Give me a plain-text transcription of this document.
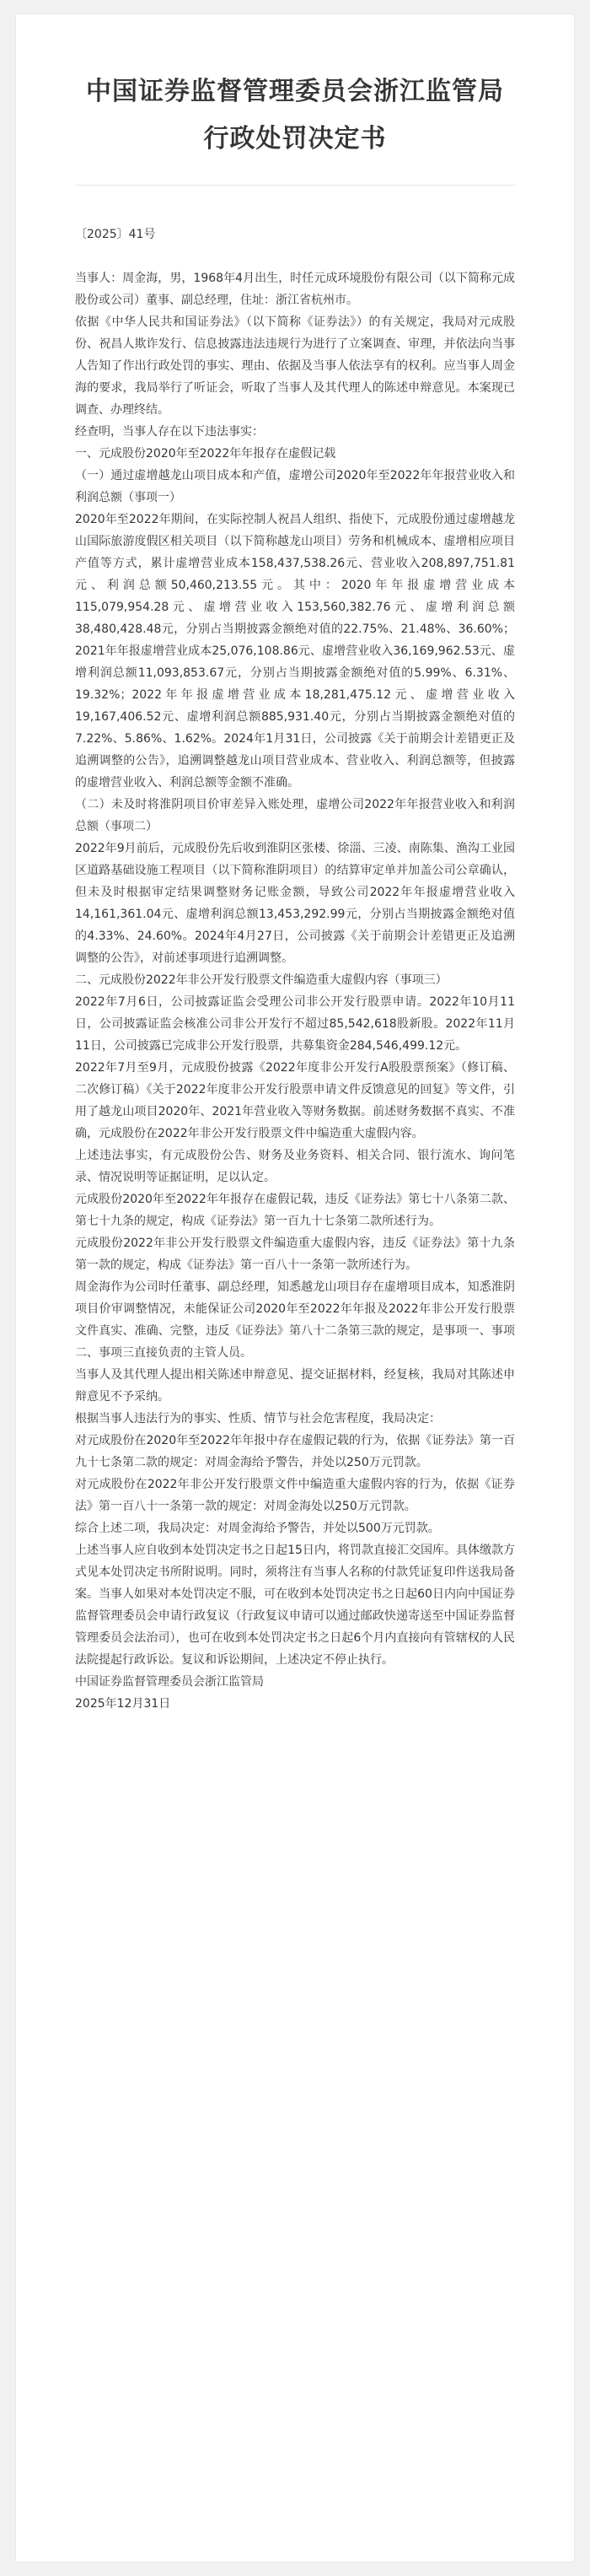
中国证券监督管理委员会浙江监管局行政处罚决定书

〔2025〕41号

当事人：周金海，男，1968年4月出生，时任元成环境股份有限公司（以下简称元成股份或公司）董事、副总经理，住址：浙江省杭州市。

依据《中华人民共和国证券法》（以下简称《证券法》）的有关规定，我局对元成股份、祝昌人欺诈发行、信息披露违法违规行为进行了立案调查、审理，并依法向当事人告知了作出行政处罚的事实、理由、依据及当事人依法享有的权利。应当事人周金海的要求，我局举行了听证会，听取了当事人及其代理人的陈述申辩意见。本案现已调查、办理终结。

经查明，当事人存在以下违法事实：

一、元成股份2020年至2022年年报存在虚假记载

（一）通过虚增越龙山项目成本和产值，虚增公司2020年至2022年年报营业收入和利润总额（事项一）

2020年至2022年期间，在实际控制人祝昌人组织、指使下，元成股份通过虚增越龙山国际旅游度假区相关项目（以下简称越龙山项目）劳务和机械成本、虚增相应项目产值等方式，累计虚增营业成本158,437,538.26元、营业收入208,897,751.81元、利润总额50,460,213.55元。其中：2020年年报虚增营业成本115,079,954.28元、虚增营业收入153,560,382.76元、虚增利润总额38,480,428.48元，分别占当期披露金额绝对值的22.75%、21.48%、36.60%；2021年年报虚增营业成本25,076,108.86元、虚增营业收入36,169,962.53元、虚增利润总额11,093,853.67元，分别占当期披露金额绝对值的5.99%、6.31%、19.32%；2022年年报虚增营业成本18,281,475.12元、虚增营业收入19,167,406.52元、虚增利润总额885,931.40元，分别占当期披露金额绝对值的7.22%、5.86%、1.62%。2024年1月31日，公司披露《关于前期会计差错更正及追溯调整的公告》，追溯调整越龙山项目营业成本、营业收入、利润总额等，但披露的虚增营业收入、利润总额等金额不准确。

（二）未及时将淮阴项目价审差异入账处理，虚增公司2022年年报营业收入和利润总额（事项二）

2022年9月前后，元成股份先后收到淮阴区张楼、徐淄、三凌、南陈集、渔沟工业园区道路基础设施工程项目（以下简称淮阴项目）的结算审定单并加盖公司公章确认，但未及时根据审定结果调整财务记账金额，导致公司2022年年报虚增营业收入14,161,361.04元、虚增利润总额13,453,292.99元，分别占当期披露金额绝对值的4.33%、24.60%。2024年4月27日，公司披露《关于前期会计差错更正及追溯调整的公告》，对前述事项进行追溯调整。

二、元成股份2022年非公开发行股票文件编造重大虚假内容（事项三）

2022年7月6日，公司披露证监会受理公司非公开发行股票申请。2022年10月11日，公司披露证监会核准公司非公开发行不超过85,542,618股新股。2022年11月11日，公司披露已完成非公开发行股票，共募集资金284,546,499.12元。

2022年7月至9月，元成股份披露《2022年度非公开发行A股股票预案》（修订稿、二次修订稿）《关于2022年度非公开发行股票申请文件反馈意见的回复》等文件，引用了越龙山项目2020年、2021年营业收入等财务数据。前述财务数据不真实、不准确，元成股份在2022年非公开发行股票文件中编造重大虚假内容。

上述违法事实，有元成股份公告、财务及业务资料、相关合同、银行流水、询问笔录、情况说明等证据证明，足以认定。

元成股份2020年至2022年年报存在虚假记载，违反《证券法》第七十八条第二款、第七十九条的规定，构成《证券法》第一百九十七条第二款所述行为。

元成股份2022年非公开发行股票文件编造重大虚假内容，违反《证券法》第十九条第一款的规定，构成《证券法》第一百八十一条第一款所述行为。

周金海作为公司时任董事、副总经理，知悉越龙山项目存在虚增项目成本，知悉淮阴项目价审调整情况，未能保证公司2020年至2022年年报及2022年非公开发行股票文件真实、准确、完整，违反《证券法》第八十二条第三款的规定，是事项一、事项二、事项三直接负责的主管人员。

当事人及其代理人提出相关陈述申辩意见、提交证据材料，经复核，我局对其陈述申辩意见不予采纳。

根据当事人违法行为的事实、性质、情节与社会危害程度，我局决定：

对元成股份在2020年至2022年年报中存在虚假记载的行为，依据《证券法》第一百九十七条第二款的规定：对周金海给予警告，并处以250万元罚款。

对元成股份在2022年非公开发行股票文件中编造重大虚假内容的行为，依据《证券法》第一百八十一条第一款的规定：对周金海处以250万元罚款。

综合上述二项，我局决定：对周金海给予警告，并处以500万元罚款。

上述当事人应自收到本处罚决定书之日起15日内，将罚款直接汇交国库。具体缴款方式见本处罚决定书所附说明。同时，须将注有当事人名称的付款凭证复印件送我局备案。当事人如果对本处罚决定不服，可在收到本处罚决定书之日起60日内向中国证券监督管理委员会申请行政复议（行政复议申请可以通过邮政快递寄送至中国证券监督管理委员会法治司），也可在收到本处罚决定书之日起6个月内直接向有管辖权的人民法院提起行政诉讼。复议和诉讼期间，上述决定不停止执行。

中国证券监督管理委员会浙江监管局

2025年12月31日
